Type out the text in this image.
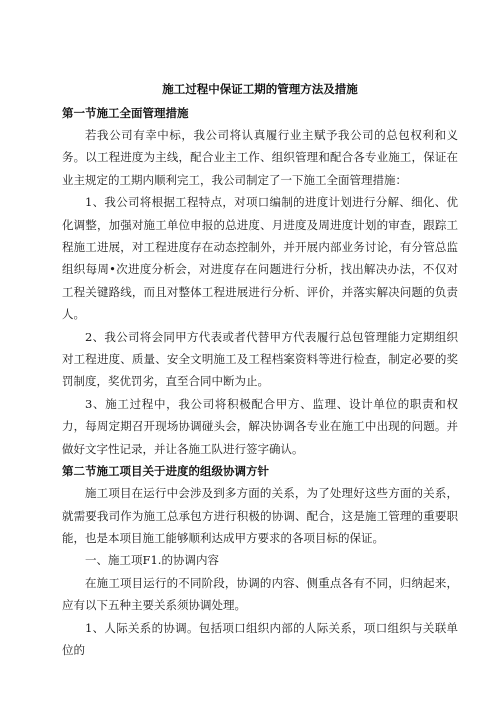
施工过程中保证工期的管理方法及措施
第一节施工全面管理措施

若我公司有幸中标，我公司将认真履行业主赋予我公司的总包权利和义务。以工程进度为主线，配合业主工作、组织管理和配合各专业施工，保证在业主规定的工期内顺利完工，我公司制定了一下施工全面管理措施：

1、我公司将根据工程特点，对项口编制的进度计划进行分解、细化、优化调整，加强对施工单位申报的总进度、月进度及周进度计划的审查，跟踪工程施工进展，对工程进度存在动态控制外，并开展内部业务讨论，有分管总监组织每周•次进度分析会，对进度存在问题进行分析，找出解决办法，不仅对工程关键路线，而且对整体工程进展进行分析、评价，并落实解决问题的负责人。

2、我公司将会同甲方代表或者代替甲方代表履行总包管理能力定期组织对工程进度、质量、安全文明施工及工程档案资料等进行检查，制定必要的奖罚制度，奖优罚劣，直至合同中断为止。

3、施工过程中，我公司将积极配合甲方、监理、设计单位的职责和权力，每周定期召开现场协调碰头会，解决协调各专业在施工中出现的问题。并做好文字性记录，并让各施工队进行签字确认。

第二节施工项目关于进度的组级协调方针

施工项目在运行中会涉及到多方面的关系，为了处理好这些方面的关系，就需要我司作为施工总承包方进行积极的协调、配合，这是施工管理的重要职能，也是本项目施工能够顺利达成甲方要求的各项目标的保证。

一、施工项F1.的协调内容

在施工项目运行的不同阶段，协调的内容、侧重点各有不同，归纳起来，应有以下五种主要关系须协调处理。

1、人际关系的协调。包括项口组织内部的人际关系，项口组织与关联单位的
